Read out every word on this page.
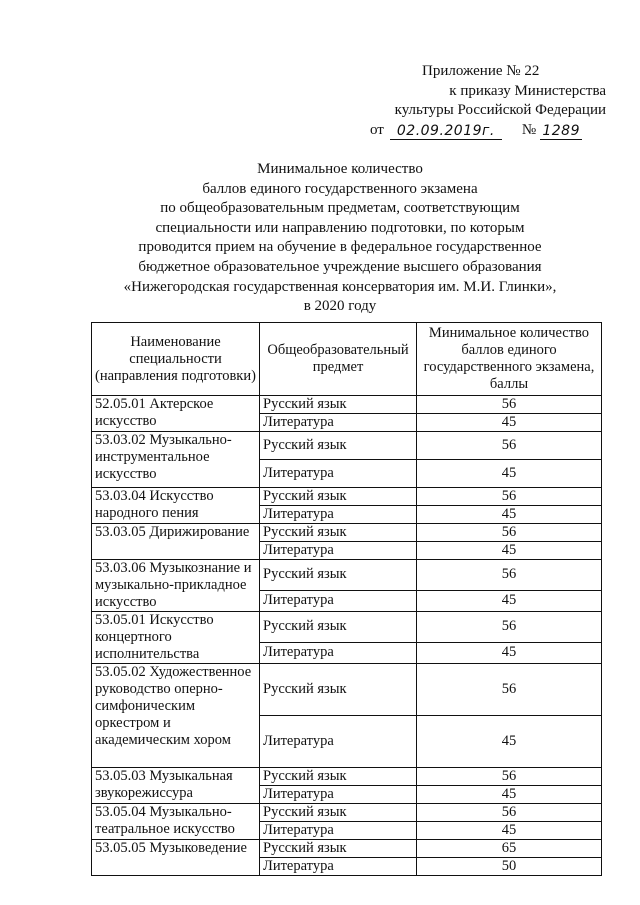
Приложение № 22
к приказу Министерства
культуры Российской Федерации
от 02.09.2019г.	№ 1289
Минимальное количество
баллов единого государственного экзамена
по общеобразовательным предметам, соответствующим
специальности или направлению подготовки, по которым
проводится прием на обучение в федеральное государственное
бюджетное образовательное учреждение высшего образования
«Нижегородская государственная консерватория им. М.И. Глинки»,
в 2020 году
Наименование специальности (направления подготовки)	Общеобразовательный предмет	Минимальное количество баллов единого государственного экзамена, баллы
52.05.01 Актерское искусство	Русский язык	56
	Литература	45
53.03.02 Музыкально-инструментальное искусство	Русский язык	56
	Литература	45
53.03.04 Искусство народного пения	Русский язык	56
	Литература	45
53.03.05 Дирижирование	Русский язык	56
	Литература	45
53.03.06 Музыкознание и музыкально-прикладное искусство	Русский язык	56
	Литература	45
53.05.01 Искусство концертного исполнительства	Русский язык	56
	Литература	45
53.05.02 Художественное руководство оперно-симфоническим оркестром и академическим хором	Русский язык	56
	Литература	45
53.05.03 Музыкальная звукорежиссура	Русский язык	56
	Литература	45
53.05.04 Музыкально-театральное искусство	Русский язык	56
	Литература	45
53.05.05 Музыковедение	Русский язык	65
	Литература	50
